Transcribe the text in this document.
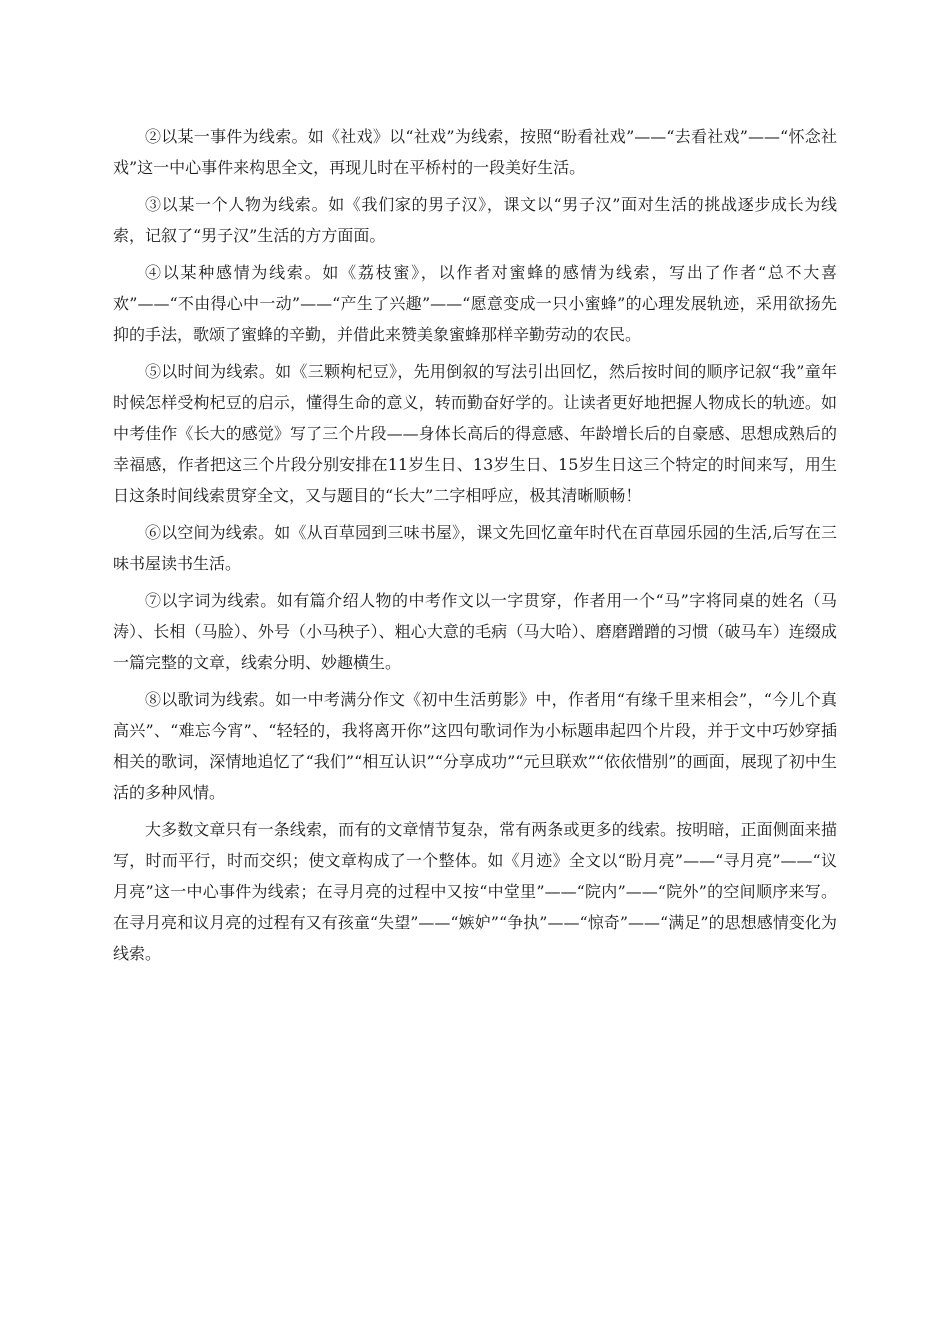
②以某一事件为线索。如《社戏》以“社戏”为线索，按照“盼看社戏”——“去看社戏”——“怀念社戏”这一中心事件来构思全文，再现儿时在平桥村的一段美好生活。

③以某一个人物为线索。如《我们家的男子汉》，课文以“男子汉”面对生活的挑战逐步成长为线索，记叙了“男子汉”生活的方方面面。

④以某种感情为线索。如《荔枝蜜》，以作者对蜜蜂的感情为线索，写出了作者“总不大喜欢”——“不由得心中一动”——“产生了兴趣”——“愿意变成一只小蜜蜂”的心理发展轨迹，采用欲扬先抑的手法，歌颂了蜜蜂的辛勤，并借此来赞美象蜜蜂那样辛勤劳动的农民。

⑤以时间为线索。如《三颗枸杞豆》，先用倒叙的写法引出回忆，然后按时间的顺序记叙“我”童年时候怎样受枸杞豆的启示，懂得生命的意义，转而勤奋好学的。让读者更好地把握人物成长的轨迹。如中考佳作《长大的感觉》写了三个片段——身体长高后的得意感、年龄增长后的自豪感、思想成熟后的幸福感，作者把这三个片段分别安排在11岁生日、13岁生日、15岁生日这三个特定的时间来写，用生日这条时间线索贯穿全文，又与题目的“长大”二字相呼应，极其清晰顺畅！

⑥以空间为线索。如《从百草园到三味书屋》，课文先回忆童年时代在百草园乐园的生活,后写在三味书屋读书生活。

⑦以字词为线索。如有篇介绍人物的中考作文以一字贯穿，作者用一个“马”字将同桌的姓名（马涛）、长相（马脸）、外号（小马秧子）、粗心大意的毛病（马大哈）、磨磨蹭蹭的习惯（破马车）连缀成一篇完整的文章，线索分明、妙趣横生。

⑧以歌词为线索。如一中考满分作文《初中生活剪影》中，作者用“有缘千里来相会”，“今儿个真高兴”、“难忘今宵”、“轻轻的，我将离开你”这四句歌词作为小标题串起四个片段，并于文中巧妙穿插相关的歌词，深情地追忆了“我们”“相互认识”“分享成功”“元旦联欢”“依依惜别”的画面，展现了初中生活的多种风情。

大多数文章只有一条线索，而有的文章情节复杂，常有两条或更多的线索。按明暗，正面侧面来描写，时而平行，时而交织；使文章构成了一个整体。如《月迹》全文以“盼月亮”——“寻月亮”——“议月亮”这一中心事件为线索；在寻月亮的过程中又按“中堂里”——“院内”——“院外”的空间顺序来写。在寻月亮和议月亮的过程有又有孩童“失望”——“嫉妒”“争执”——“惊奇”——“满足”的思想感情变化为线索。
